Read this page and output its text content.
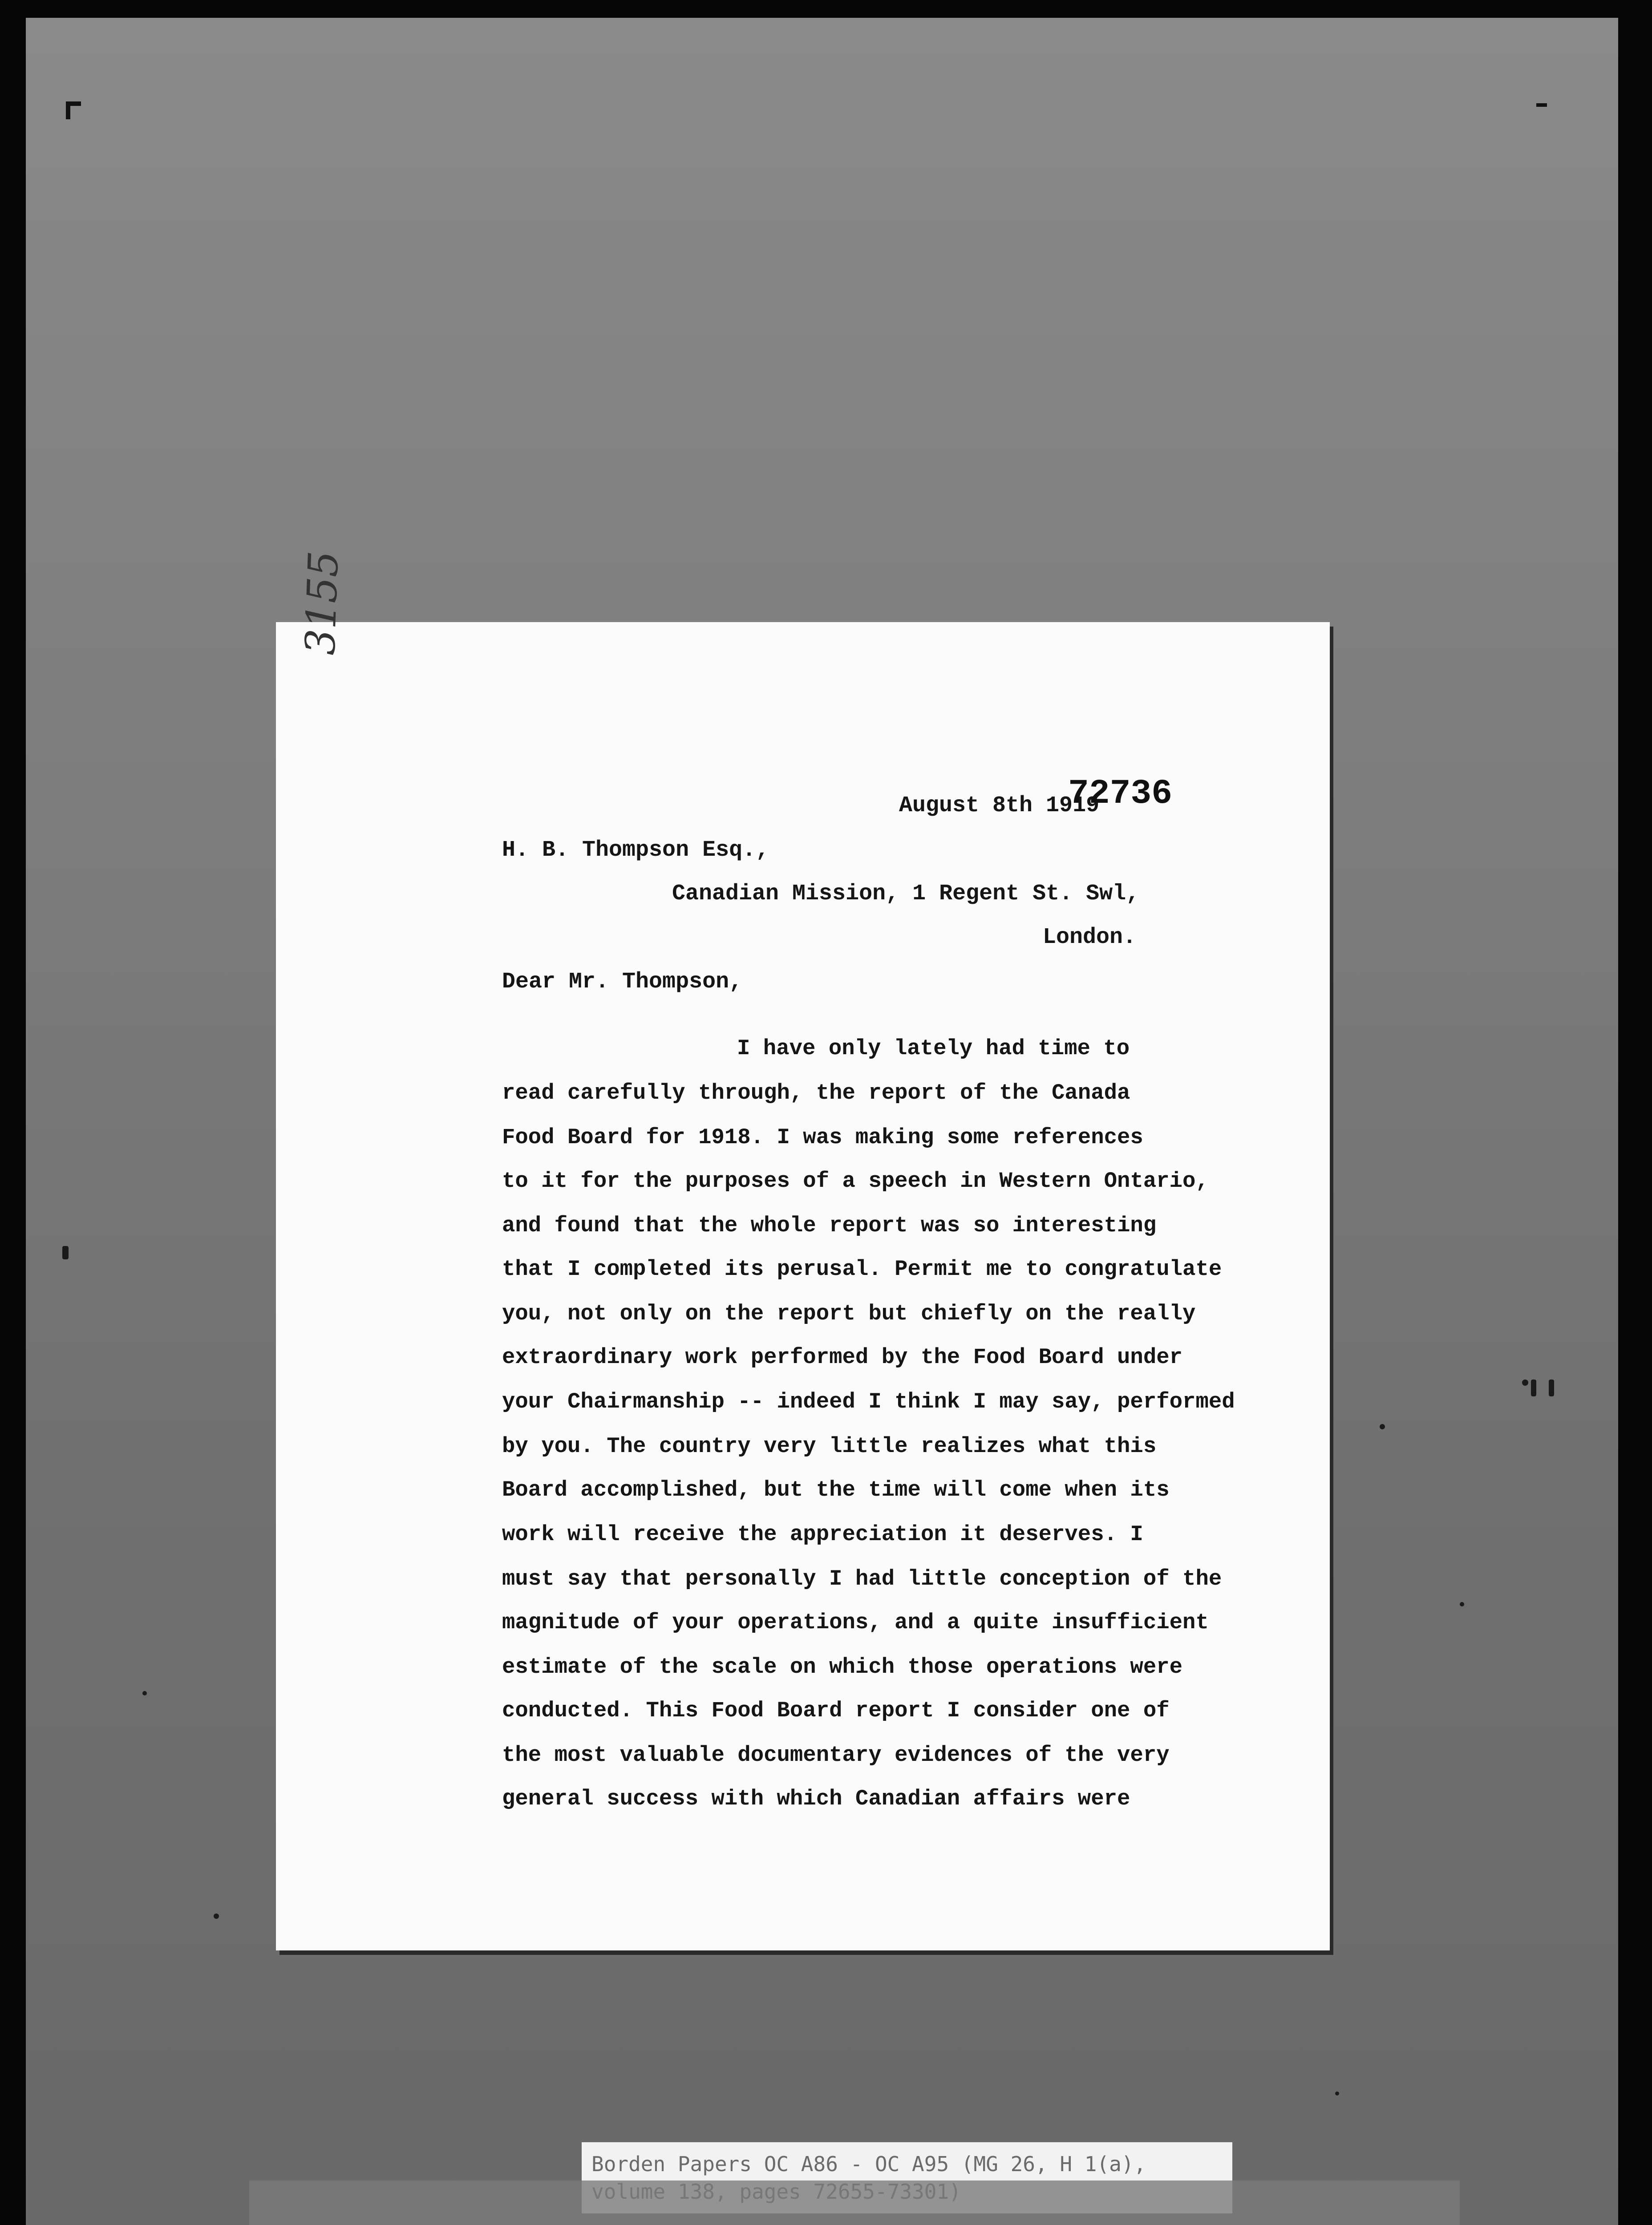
3155
August 8th 1919
72736
H. B. Thompson Esq.,
Canadian Mission, 1 Regent St. Swl,
London.
Dear Mr. Thompson,
I have only lately had time to
read carefully through, the report of the Canada
Food Board for 1918. I was making some references
to it for the purposes of a speech in Western Ontario,
and found that the whole report was so interesting
that I completed its perusal. Permit me to congratulate
you, not only on the report but chiefly on the really
extraordinary work performed by the Food Board under
your Chairmanship -- indeed I think I may say, performed
by you. The country very little realizes what this
Board accomplished, but the time will come when its
work will receive the appreciation it deserves. I
must say that personally I had little conception of the
magnitude of your operations, and a quite insufficient
estimate of the scale on which those operations were
conducted. This Food Board report I consider one of
the most valuable documentary evidences of the very
general success with which Canadian affairs were
Borden Papers OC A86 - OC A95 (MG 26, H 1(a),
